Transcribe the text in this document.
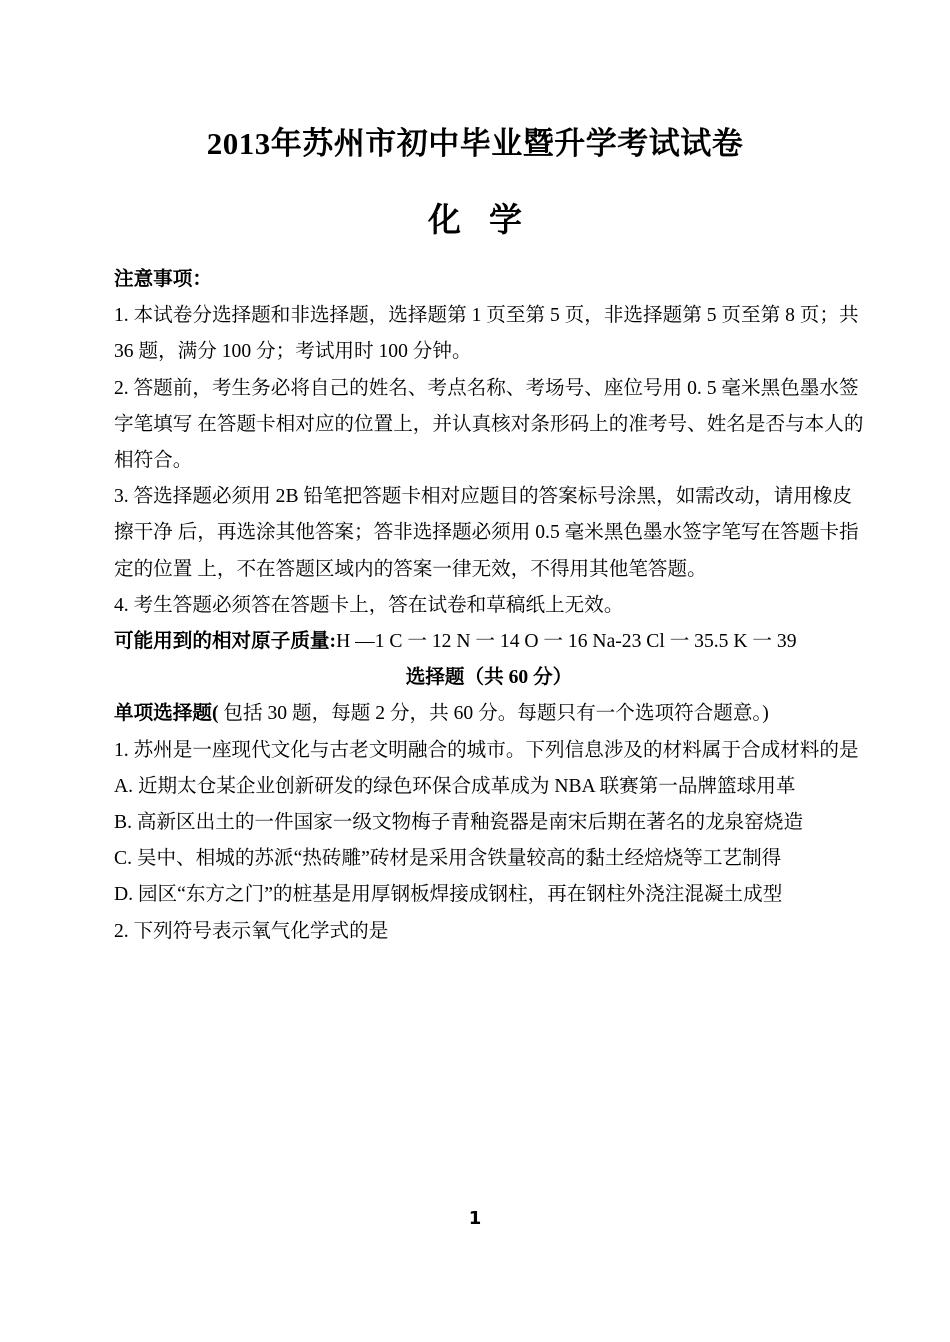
2013年苏州市初中毕业暨升学考试试卷
化学

注意事项：

1. 本试卷分选择题和非选择题，选择题第 1 页至第 5 页，非选择题第 5 页至第 8 页；共 36 题，满分 100 分；考试用时 100 分钟。

2. 答题前，考生务必将自己的姓名、考点名称、考场号、座位号用 0. 5 毫米黑色墨水签字笔填写 在答题卡相对应的位置上，并认真核对条形码上的准考号、姓名是否与本人的相符合。

3. 答选择题必须用 2B 铅笔把答题卡相对应题目的答案标号涂黑，如需改动，请用橡皮擦干净 后，再选涂其他答案；答非选择题必须用 0.5 毫米黑色墨水签字笔写在答题卡指定的位置 上，不在答题区域内的答案一律无效，不得用其他笔答题。

4. 考生答题必须答在答题卡上，答在试卷和草稿纸上无效。

可能用到的相对原子质量:H —1 C 一 12 N 一 14 O 一 16 Na-23 Cl 一 35.5 K 一 39

选择题（共 60 分）

单项选择题( 包括 30 题，每题 2 分，共 60 分。每题只有一个选项符合题意。)

1. 苏州是一座现代文化与古老文明融合的城市。下列信息涉及的材料属于合成材料的是

A. 近期太仓某企业创新研发的绿色环保合成革成为 NBA 联赛第一品牌篮球用革

B. 高新区出土的一件国家一级文物梅子青釉瓷器是南宋后期在著名的龙泉窑烧造

C. 吴中、相城的苏派“热砖雕”砖材是采用含铁量较高的黏土经焙烧等工艺制得

D. 园区“东方之门”的桩基是用厚钢板焊接成钢柱，再在钢柱外浇注混凝土成型

2. 下列符号表示氧气化学式的是

1
